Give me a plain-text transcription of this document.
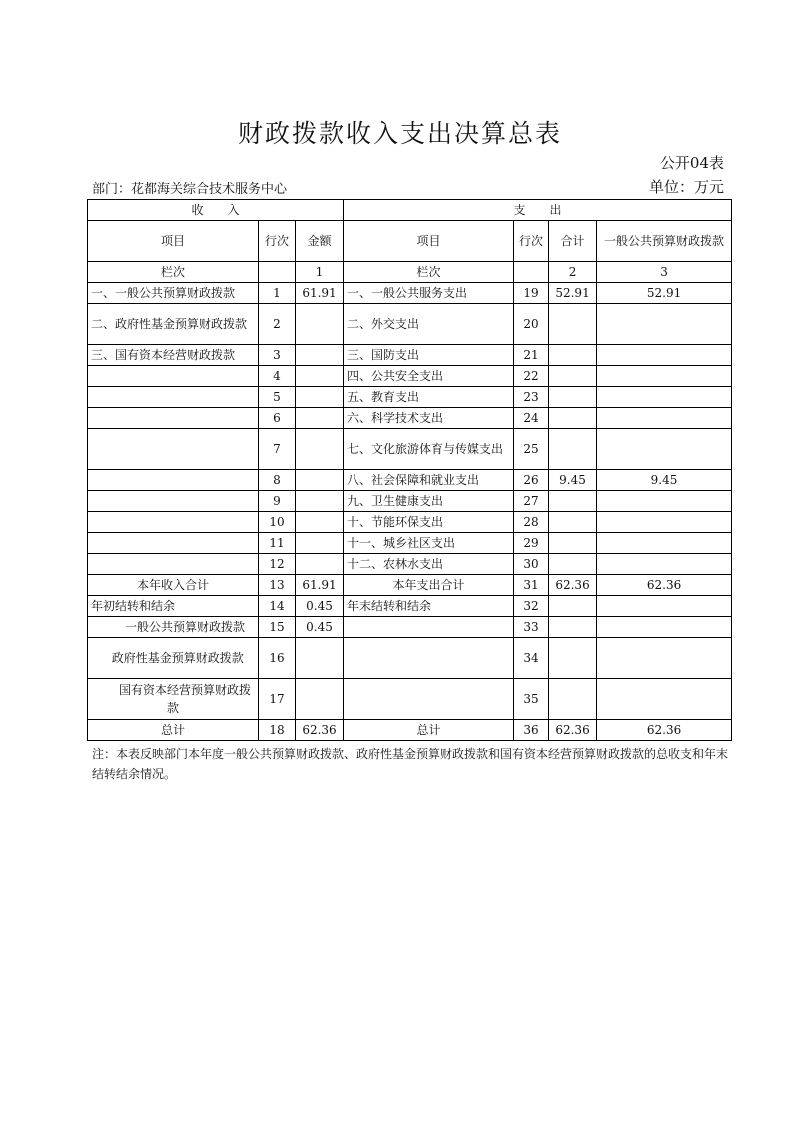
财政拨款收入支出决算总表
公开04表
部门：花都海关综合技术服务中心	单位：万元
收　　入			支　　出			
项目	行次	金额	项目	行次	合计	一般公共预算财政拨款
栏次		1	栏次		2	3
一、一般公共预算财政拨款	1	61.91	一、一般公共服务支出	19	52.91	52.91
二、政府性基金预算财政拨款	2		二、外交支出	20		
三、国有资本经营财政拨款	3		三、国防支出	21		
	4		四、公共安全支出	22		
	5		五、教育支出	23		
	6		六、科学技术支出	24		
	7		七、文化旅游体育与传媒支出	25		
	8		八、社会保障和就业支出	26	9.45	9.45
	9		九、卫生健康支出	27		
	10		十、节能环保支出	28		
	11		十一、城乡社区支出	29		
	12		十二、农林水支出	30		
本年收入合计	13	61.91	本年支出合计	31	62.36	62.36
年初结转和结余	14	0.45	年末结转和结余	32		
一般公共预算财政拨款	15	0.45		33		
政府性基金预算财政拨款	16			34		
国有资本经营预算财政拨款	17			35		
总计	18	62.36	总计	36	62.36	62.36
注：本表反映部门本年度一般公共预算财政拨款、政府性基金预算财政拨款和国有资本经营预算财政拨款的总收支和年末结转结余情况。
